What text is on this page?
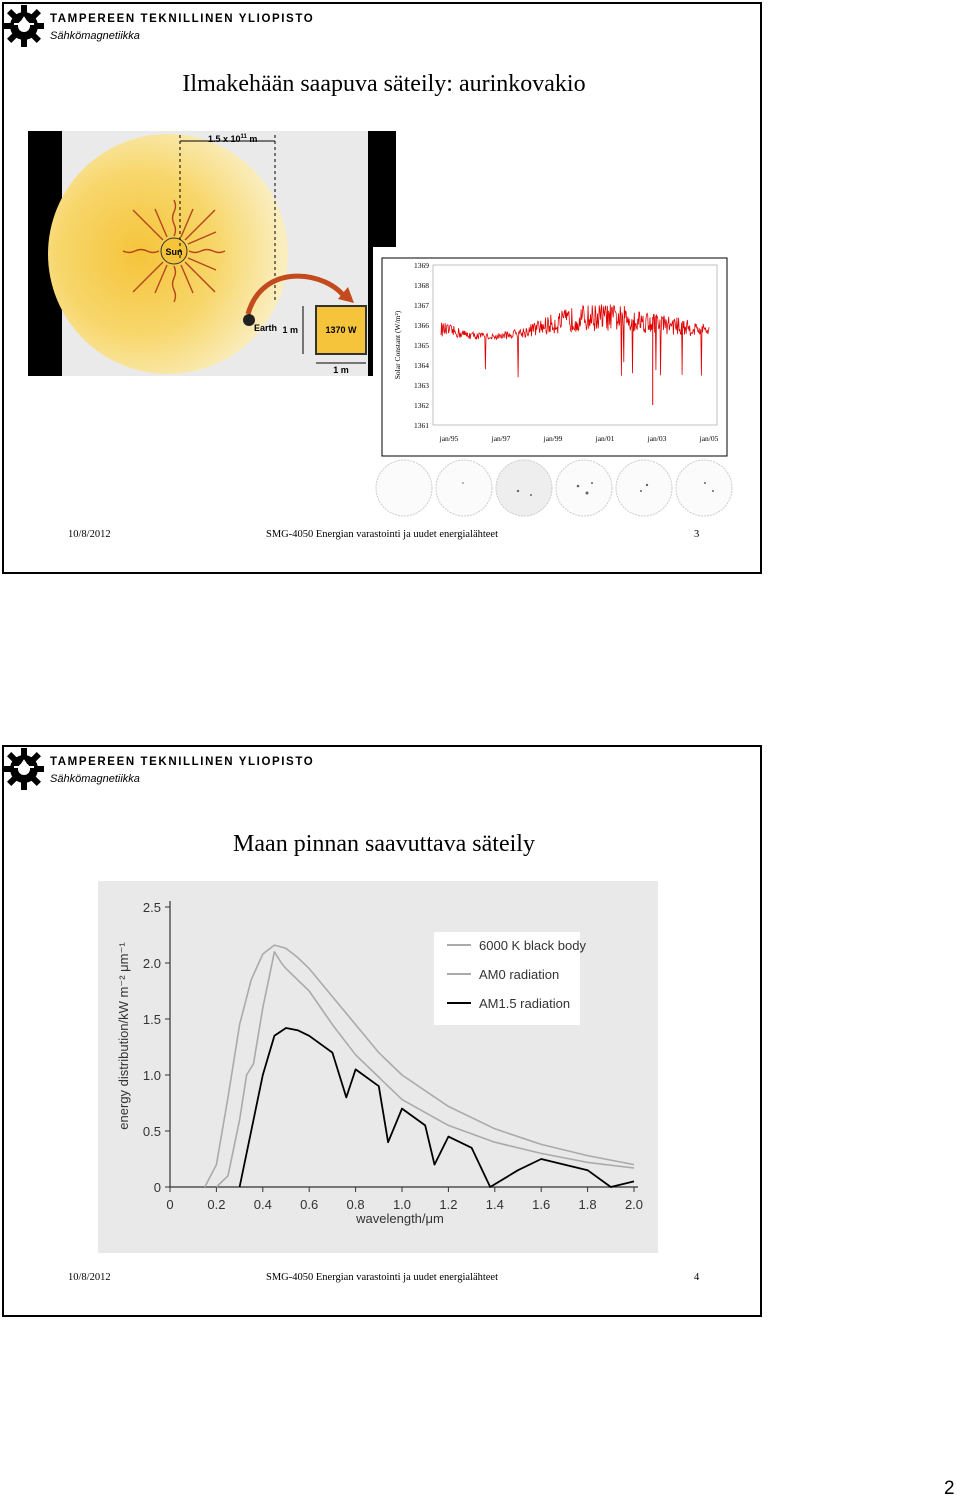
TAMPEREEN TEKNILLINEN YLIOPISTO
Sähkömagnetiikka
Ilmakehään saapuva säteily: aurinkovakio
Sun
1.5 x $10^{11}$ m
Earth	1370 W
1 m
1 m	Solar Constant (W/m²)
1369
1368
1367
1366
1365
1364
1363
1362
1361
jan/95	jan/97	jan/99	jan/01	jan/03	jan/05
10/8/2012	SMG-4050 Energian varastointi ja uudet energialähteet	3
TAMPEREEN TEKNILLINEN YLIOPISTO
Sähkömagnetiikka
Maan pinnan saavuttava säteily
0
0.5
1.0
1.5
2.0
2.5
0	0.2 0.4 0.6 0.8 1.0 1.2 1.4 1.6 1.8 2.0
energy distribution/kW m⁻² μm⁻¹
wavelength/μm
6000 K black body
AM0 radiation
AM1.5 radiation
10/8/2012	SMG-4050 Energian varastointi ja uudet energialähteet	4
2
